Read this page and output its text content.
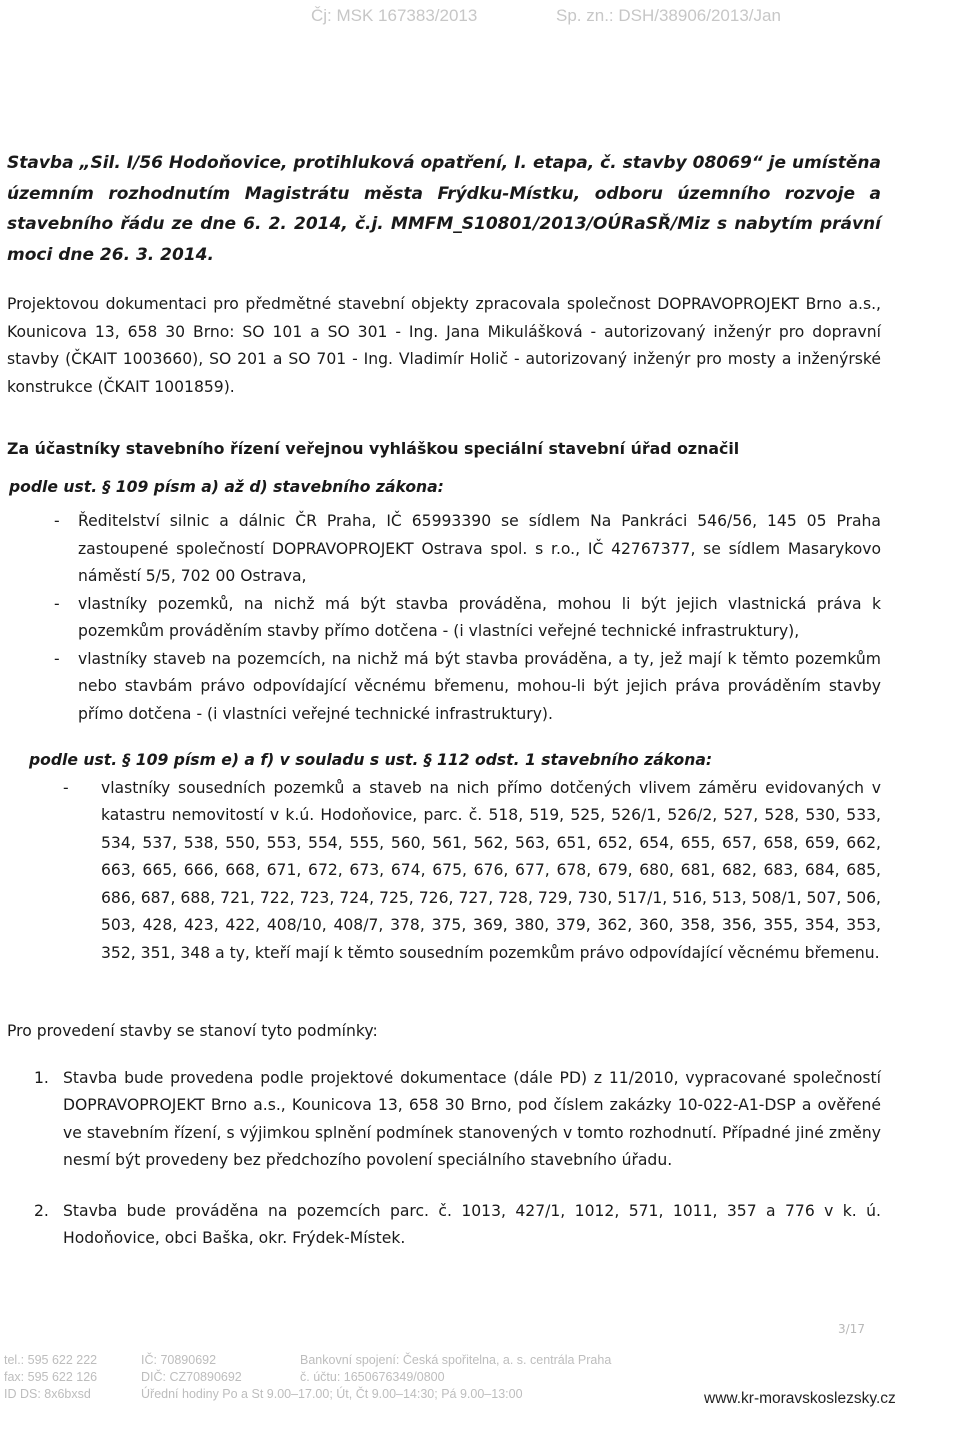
Čj: MSK 167383/2013	Sp. zn.: DSH/38906/2013/Jan

Stavba „Sil. I/56 Hodoňovice, protihluková opatření, I. etapa, č. stavby 08069“ je umístěna územním rozhodnutím Magistrátu města Frýdku-Místku, odboru územního rozvoje a stavebního řádu ze dne 6. 2. 2014, č.j. MMFM_S10801/2013/OÚRaSŘ/Miz s nabytím právní moci dne 26. 3. 2014.

Projektovou dokumentaci pro předmětné stavební objekty zpracovala společnost DOPRAVOPROJEKT Brno a.s., Kounicova 13, 658 30 Brno: SO 101 a SO 301 - Ing. Jana Mikulášková - autorizovaný inženýr pro dopravní stavby (ČKAIT 1003660), SO 201 a SO 701 - Ing. Vladimír Holič - autorizovaný inženýr pro mosty a inženýrské konstrukce (ČKAIT 1001859).

Za účastníky stavebního řízení veřejnou vyhláškou speciální stavební úřad označil
podle ust. § 109 písm a) až d) stavebního zákona:
- Ředitelství silnic a dálnic ČR Praha, IČ 65993390 se sídlem Na Pankráci 546/56, 145 05 Praha zastoupené společností DOPRAVOPROJEKT Ostrava spol. s r.o., IČ 42767377, se sídlem Masarykovo náměstí 5/5, 702 00 Ostrava,
- vlastníky pozemků, na nichž má být stavba prováděna, mohou li být jejich vlastnická práva k pozemkům prováděním stavby přímo dotčena - (i vlastníci veřejné technické infrastruktury),
- vlastníky staveb na pozemcích, na nichž má být stavba prováděna, a ty, jež mají k těmto pozemkům nebo stavbám právo odpovídající věcnému břemenu, mohou-li být jejich práva prováděním stavby přímo dotčena - (i vlastníci veřejné technické infrastruktury).
podle ust. § 109 písm e) a f) v souladu s ust. § 112 odst. 1 stavebního zákona:
- vlastníky sousedních pozemků a staveb na nich přímo dotčených vlivem záměru evidovaných v katastru nemovitostí v k.ú. Hodoňovice, parc. č. 518, 519, 525, 526/1, 526/2, 527, 528, 530, 533, 534, 537, 538, 550, 553, 554, 555, 560, 561, 562, 563, 651, 652, 654, 655, 657, 658, 659, 662, 663, 665, 666, 668, 671, 672, 673, 674, 675, 676, 677, 678, 679, 680, 681, 682, 683, 684, 685, 686, 687, 688, 721, 722, 723, 724, 725, 726, 727, 728, 729, 730, 517/1, 516, 513, 508/1, 507, 506, 503, 428, 423, 422, 408/10, 408/7, 378, 375, 369, 380, 379, 362, 360, 358, 356, 355, 354, 353, 352, 351, 348 a ty, kteří mají k těmto sousedním pozemkům právo odpovídající věcnému břemenu.
Pro provedení stavby se stanoví tyto podmínky:
1. Stavba bude provedena podle projektové dokumentace (dále PD) z 11/2010, vypracované společností DOPRAVOPROJEKT Brno a.s., Kounicova 13, 658 30 Brno, pod číslem zakázky 10-022-A1-DSP a ověřené ve stavebním řízení, s výjimkou splnění podmínek stanovených v tomto rozhodnutí. Případné jiné změny nesmí být provedeny bez předchozího povolení speciálního stavebního úřadu.
2. Stavba bude prováděna na pozemcích parc. č. 1013, 427/1, 1012, 571, 1011, 357 a 776 v k. ú. Hodoňovice, obci Baška, okr. Frýdek-Místek.
3/17
tel.: 595 622 222
fax: 595 622 126
ID DS: 8x6bxsd
IČ: 70890692
DIČ: CZ70890692
Úřední hodiny Po a St 9.00–17.00; Út, Čt 9.00–14:30; Pá 9.00–13:00
Bankovní spojení: Česká spořitelna, a. s. centrála Praha
č. účtu: 1650676349/0800
www.kr-moravskoslezsky.cz
